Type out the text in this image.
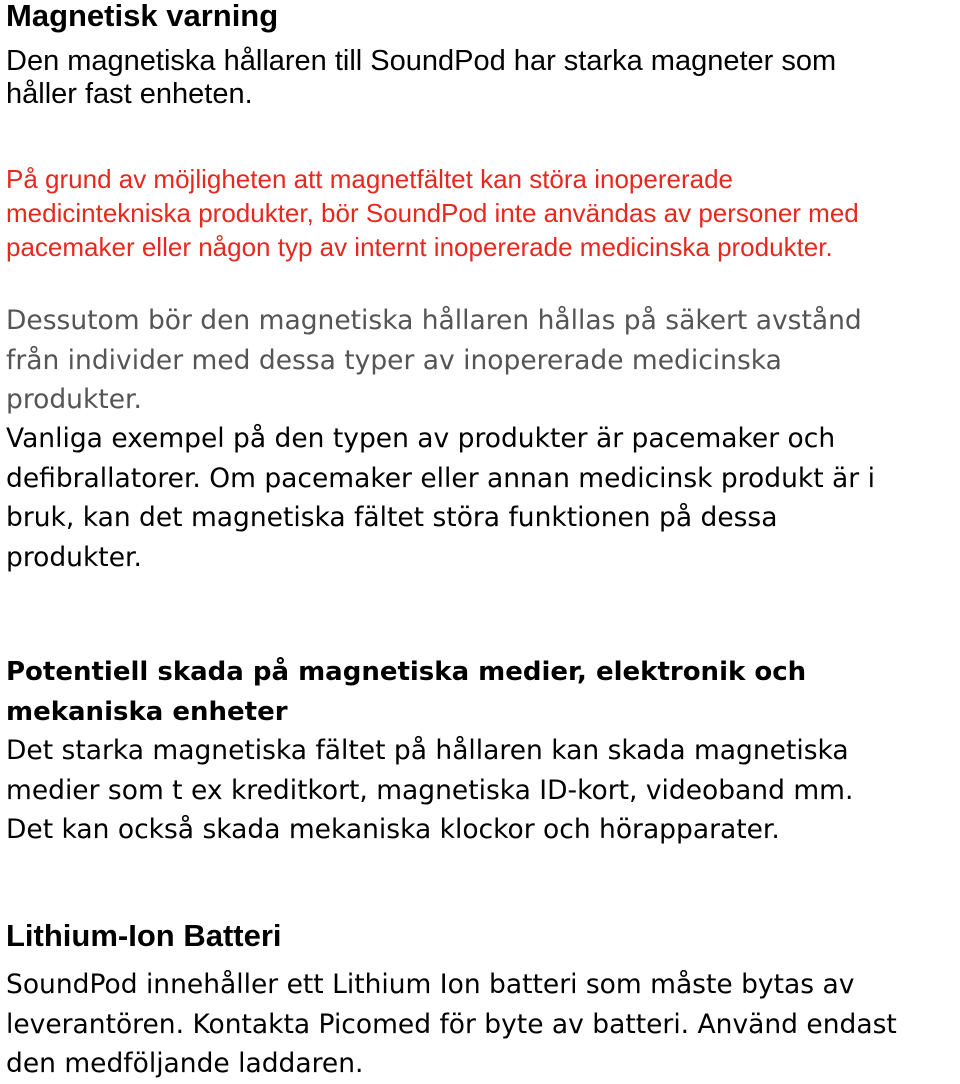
Magnetisk varning

Den magnetiska hållaren till SoundPod har starka magneter som
håller fast enheten.

På grund av möjligheten att magnetfältet kan störa inopererade
medicintekniska produkter, bör SoundPod inte användas av personer med
pacemaker eller någon typ av internt inopererade medicinska produkter.

Dessutom bör den magnetiska hållaren hållas på säkert avstånd
från individer med dessa typer av inopererade medicinska
produkter.

Vanliga exempel på den typen av produkter är pacemaker och
defibrallatorer. Om pacemaker eller annan medicinsk produkt är i
bruk, kan det magnetiska fältet störa funktionen på dessa
produkter.

Potentiell skada på magnetiska medier, elektronik och
mekaniska enheter

Det starka magnetiska fältet på hållaren kan skada magnetiska
medier som t ex kreditkort, magnetiska ID-kort, videoband mm.
Det kan också skada mekaniska klockor och hörapparater.

Lithium-Ion Batteri

SoundPod innehåller ett Lithium Ion batteri som måste bytas av
leverantören. Kontakta Picomed för byte av batteri. Använd endast
den medföljande laddaren.
